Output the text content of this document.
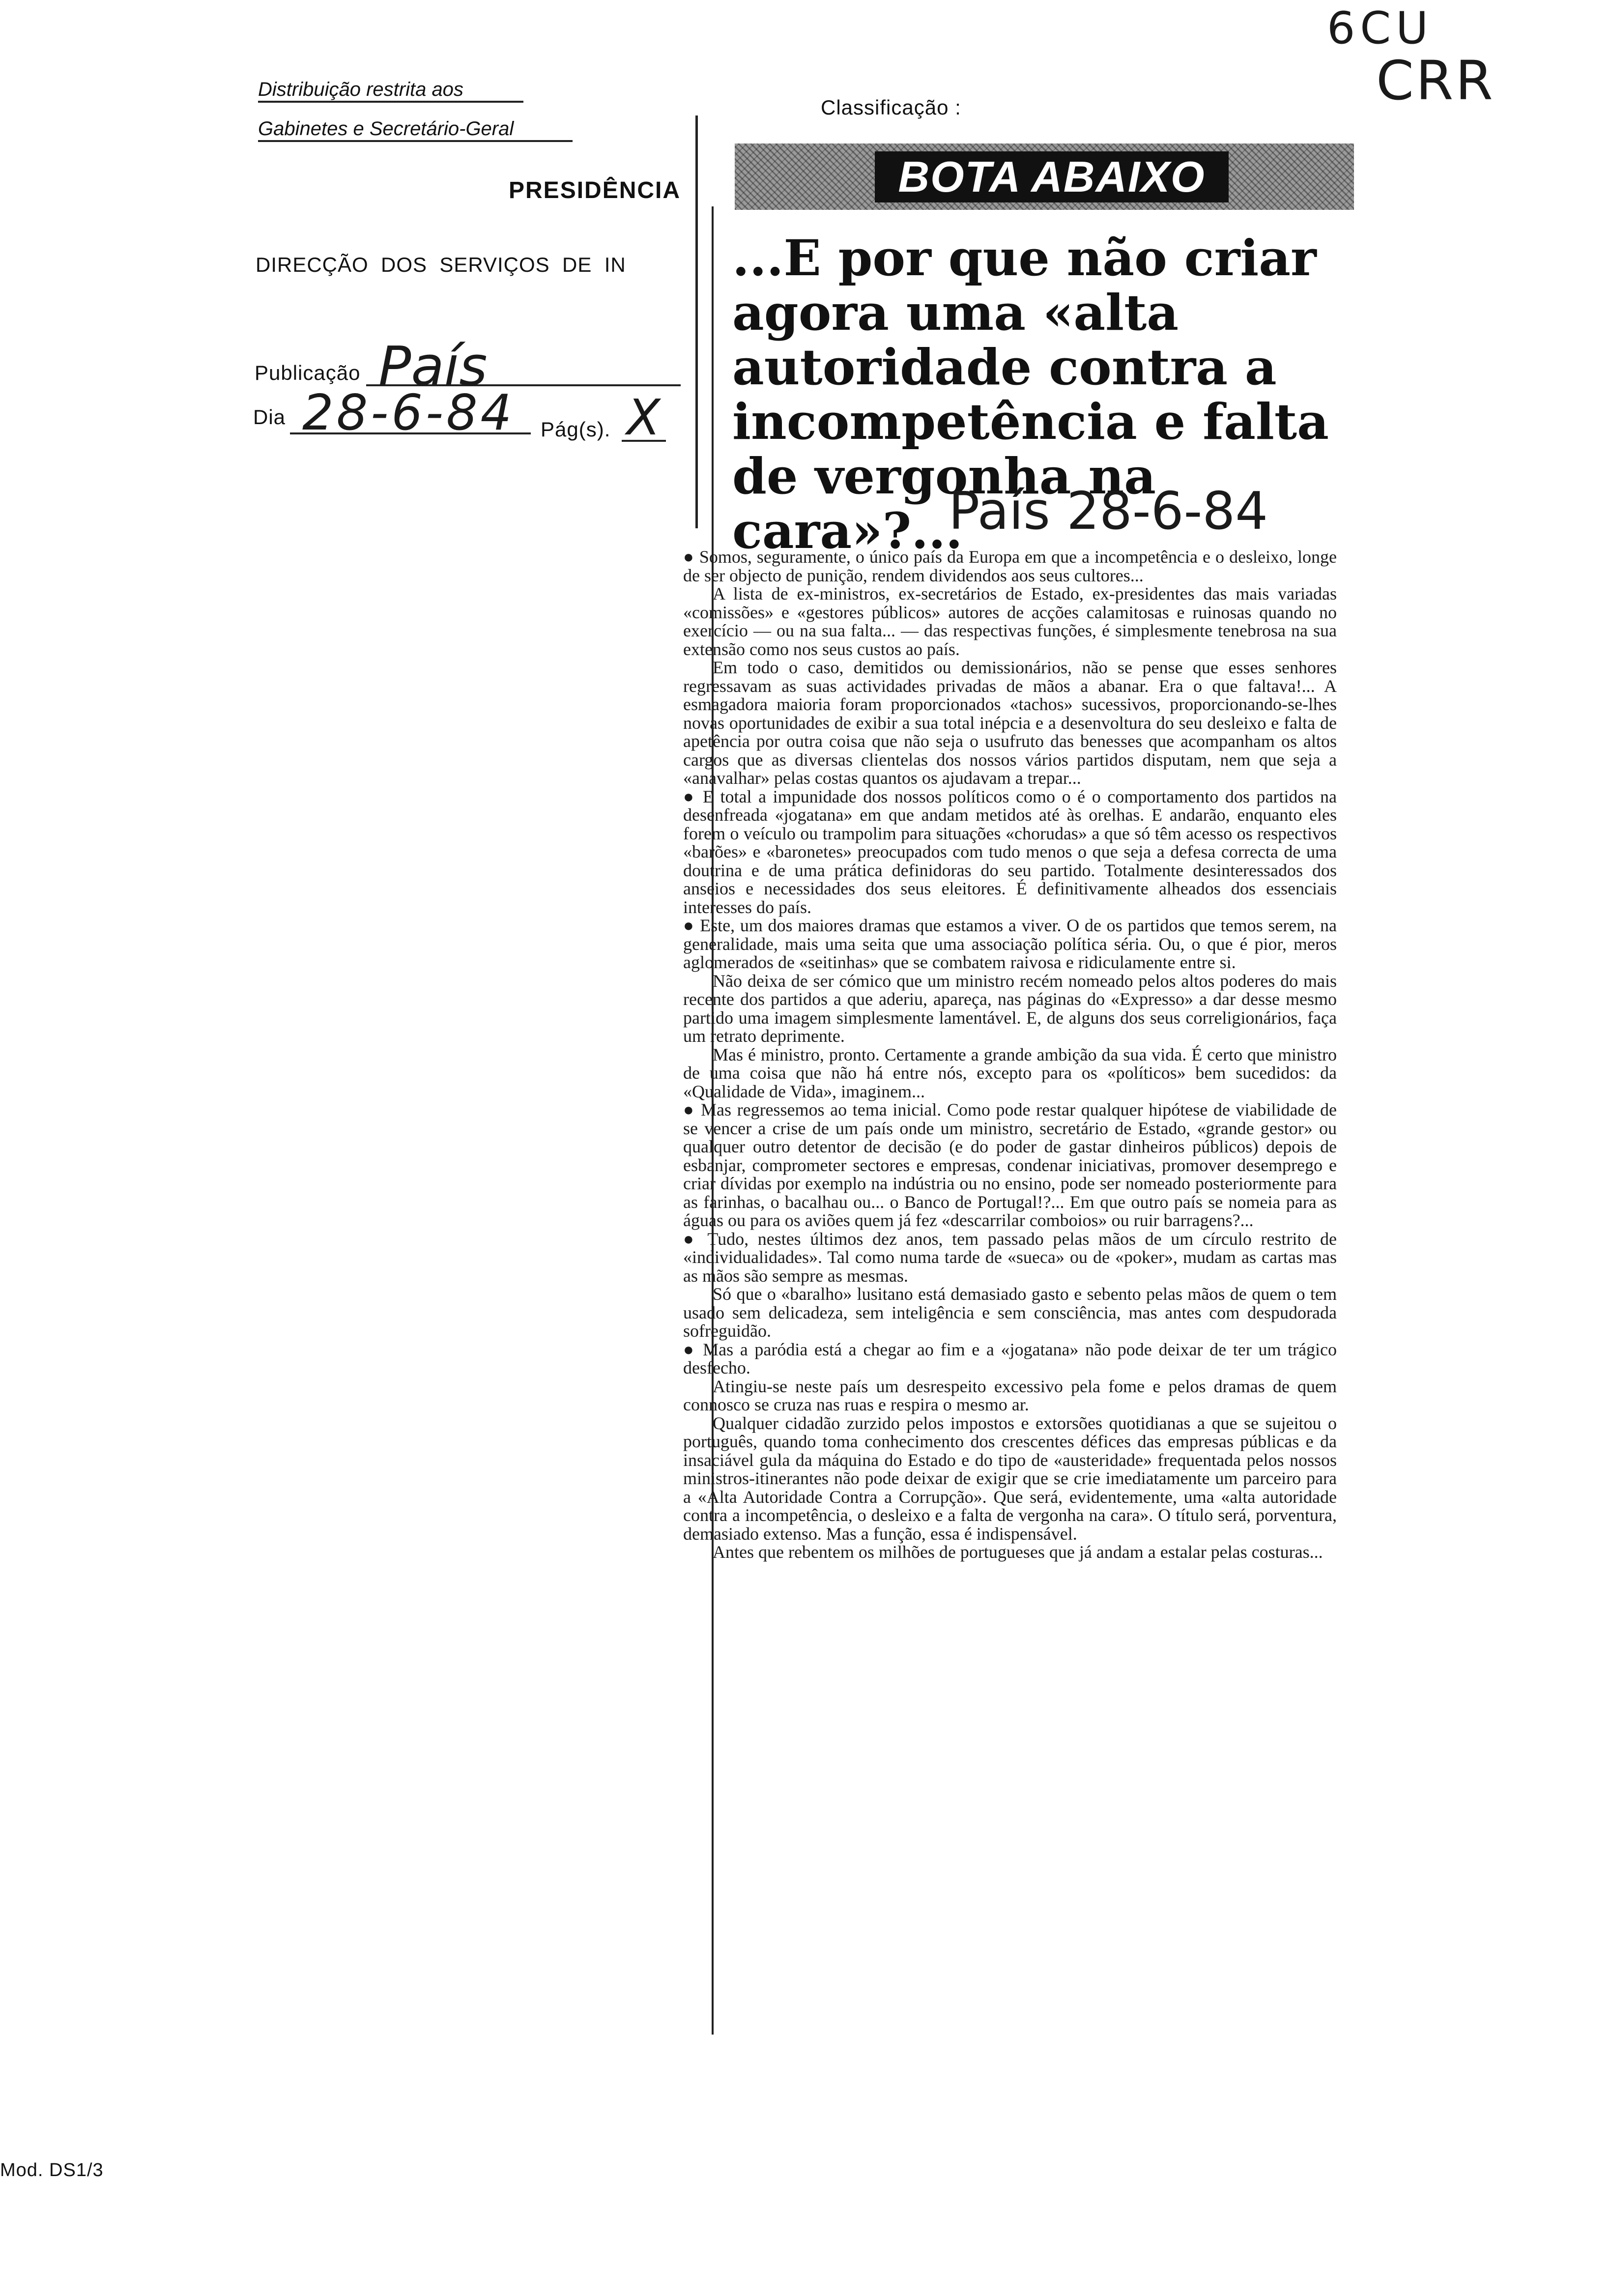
Distribuição restrita aos
Gabinetes e Secretário-Geral
PRESIDÊNCIA
DIRECÇÃO  DOS  SERVIÇOS  DE  IN
Publicação País
Dia 28-6-84 Pág(s). X
Classificação :
6CU
CRR
BOTA ABAIXO
...E por que não criar
agora uma «alta
autoridade contra a
incompetência e falta
de vergonha na
cara»?...
País 28-6-84

● Somos, seguramente, o único país da Europa em que a incompetência e o desleixo, longe de ser objecto de punição, rendem dividendos aos seus cultores...

A lista de ex-ministros, ex-secretários de Estado, ex-presidentes das mais variadas «comissões» e «gestores públicos» autores de acções calamitosas e ruinosas quando no exercício — ou na sua falta... — das respectivas funções, é simplesmente tenebrosa na sua extensão como nos seus custos ao país.

Em todo o caso, demitidos ou demissionários, não se pense que esses senhores regressavam as suas actividades privadas de mãos a abanar. Era o que faltava!... A esmagadora maioria foram proporcionados «tachos» sucessivos, proporcionando-se-lhes novas oportunidades de exibir a sua total inépcia e a desenvoltura do seu desleixo e falta de apetência por outra coisa que não seja o usufruto das benesses que acompanham os altos cargos que as diversas clientelas dos nossos vários partidos disputam, nem que seja a «anavalhar» pelas costas quantos os ajudavam a trepar...

● E total a impunidade dos nossos políticos como o é o comportamento dos partidos na desenfreada «jogatana» em que andam metidos até às orelhas. E andarão, enquanto eles forem o veículo ou trampolim para situações «chorudas» a que só têm acesso os respectivos «barões» e «baronetes» preocupados com tudo menos o que seja a defesa correcta de uma doutrina e de uma prática definidoras do seu partido. Totalmente desinteressados dos anseios e necessidades dos seus eleitores. É definitivamente alheados dos essenciais interesses do país.

● Este, um dos maiores dramas que estamos a viver. O de os partidos que temos serem, na generalidade, mais uma seita que uma associação política séria. Ou, o que é pior, meros aglomerados de «seitinhas» que se combatem raivosa e ridiculamente entre si.

Não deixa de ser cómico que um ministro recém nomeado pelos altos poderes do mais recente dos partidos a que aderiu, apareça, nas páginas do «Expresso» a dar desse mesmo partido uma imagem simplesmente lamentável. E, de alguns dos seus correligionários, faça um retrato deprimente.

Mas é ministro, pronto. Certamente a grande ambição da sua vida. É certo que ministro de uma coisa que não há entre nós, excepto para os «políticos» bem sucedidos: da «Qualidade de Vida», imaginem...

● Mas regressemos ao tema inicial. Como pode restar qualquer hipótese de viabilidade de se vencer a crise de um país onde um ministro, secretário de Estado, «grande gestor» ou qualquer outro detentor de decisão (e do poder de gastar dinheiros públicos) depois de esbanjar, comprometer sectores e empresas, condenar iniciativas, promover desemprego e criar dívidas por exemplo na indústria ou no ensino, pode ser nomeado posteriormente para as farinhas, o bacalhau ou... o Banco de Portugal!?... Em que outro país se nomeia para as águas ou para os aviões quem já fez «descarrilar comboios» ou ruir barragens?...

● Tudo, nestes últimos dez anos, tem passado pelas mãos de um círculo restrito de «individualidades». Tal como numa tarde de «sueca» ou de «poker», mudam as cartas mas as mãos são sempre as mesmas.

Só que o «baralho» lusitano está demasiado gasto e sebento pelas mãos de quem o tem usado sem delicadeza, sem inteligência e sem consciência, mas antes com despudorada sofreguidão.

● Mas a paródia está a chegar ao fim e a «jogatana» não pode deixar de ter um trágico desfecho.

Atingiu-se neste país um desrespeito excessivo pela fome e pelos dramas de quem connosco se cruza nas ruas e respira o mesmo ar.

Qualquer cidadão zurzido pelos impostos e extorsões quotidianas a que se sujeitou o português, quando toma conhecimento dos crescentes défices das empresas públicas e da insaciável gula da máquina do Estado e do tipo de «austeridade» frequentada pelos nossos ministros-itinerantes não pode deixar de exigir que se crie imediatamente um parceiro para a «Alta Autoridade Contra a Corrupção». Que será, evidentemente, uma «alta autoridade contra a incompetência, o desleixo e a falta de vergonha na cara». O título será, porventura, demasiado extenso. Mas a função, essa é indispensável.

Antes que rebentem os milhões de portugueses que já andam a estalar pelas costuras...

Mod. DS1/3
